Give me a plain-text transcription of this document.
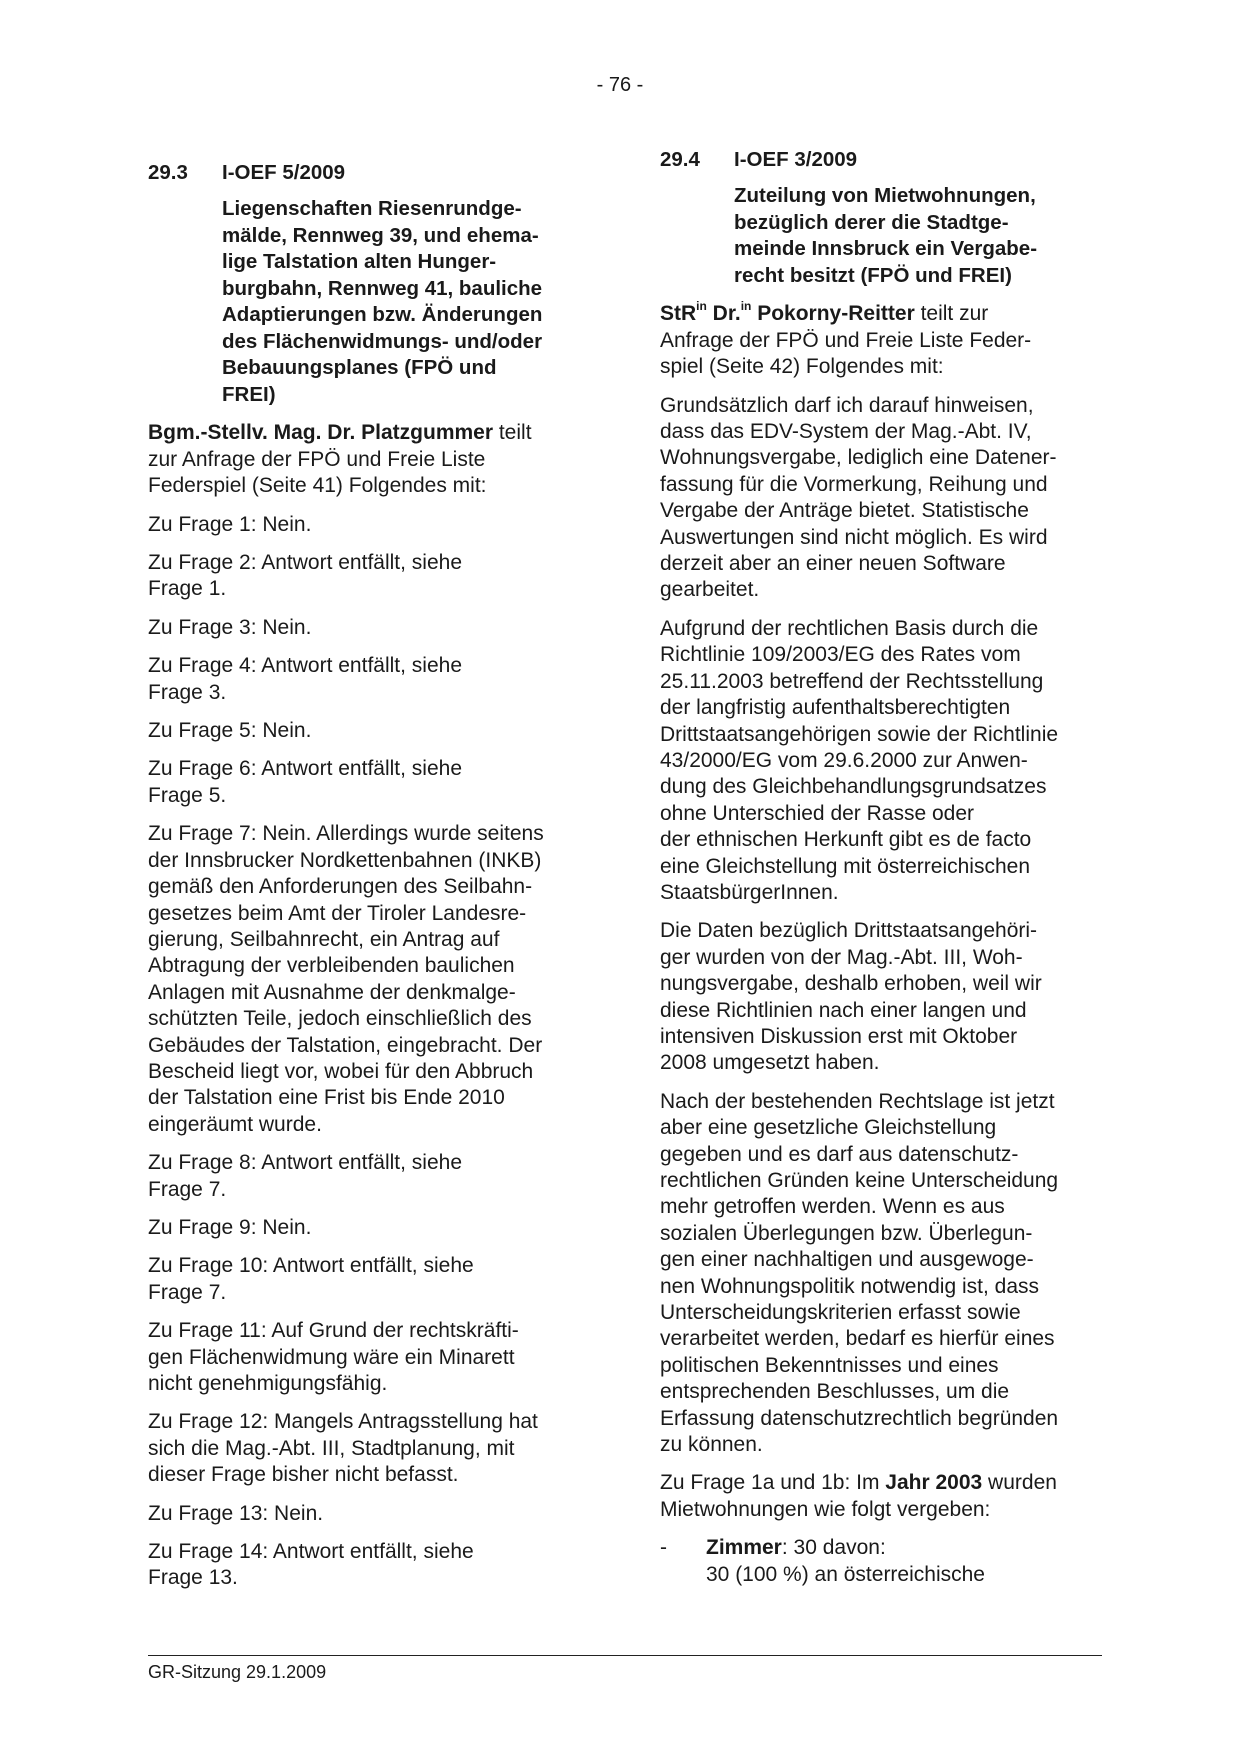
- 76 -
29.3	I-OEF 5/2009
Liegenschaften Riesenrundge-
mälde, Rennweg 39, und ehema-
lige Talstation alten Hunger-
burgbahn, Rennweg 41, bauliche
Adaptierungen bzw. Änderungen
des Flächenwidmungs- und/oder
Bebauungsplanes (FPÖ und
FREI)

Bgm.-Stellv. Mag. Dr. Platzgummer teilt
zur Anfrage der FPÖ und Freie Liste
Federspiel (Seite 41) Folgendes mit:

Zu Frage 1: Nein.

Zu Frage 2: Antwort entfällt, siehe
Frage 1.

Zu Frage 3: Nein.

Zu Frage 4: Antwort entfällt, siehe
Frage 3.

Zu Frage 5: Nein.

Zu Frage 6: Antwort entfällt, siehe
Frage 5.

Zu Frage 7: Nein. Allerdings wurde seitens
der Innsbrucker Nordkettenbahnen (INKB)
gemäß den Anforderungen des Seilbahn-
gesetzes beim Amt der Tiroler Landesre-
gierung, Seilbahnrecht, ein Antrag auf
Abtragung der verbleibenden baulichen
Anlagen mit Ausnahme der denkmalge-
schützten Teile, jedoch einschließlich des
Gebäudes der Talstation, eingebracht. Der
Bescheid liegt vor, wobei für den Abbruch
der Talstation eine Frist bis Ende 2010
eingeräumt wurde.

Zu Frage 8: Antwort entfällt, siehe
Frage 7.

Zu Frage 9: Nein.

Zu Frage 10: Antwort entfällt, siehe
Frage 7.

Zu Frage 11: Auf Grund der rechtskräfti-
gen Flächenwidmung wäre ein Minarett
nicht genehmigungsfähig.

Zu Frage 12: Mangels Antragsstellung hat
sich die Mag.-Abt. III, Stadtplanung, mit
dieser Frage bisher nicht befasst.

Zu Frage 13: Nein.

Zu Frage 14: Antwort entfällt, siehe
Frage 13.

29.4	I-OEF 3/2009
Zuteilung von Mietwohnungen,
bezüglich derer die Stadtge-
meinde Innsbruck ein Vergabe-
recht besitzt (FPÖ und FREI)

StR$^{in}$ Dr.$^{in}$ Pokorny-Reitter teilt zur
Anfrage der FPÖ und Freie Liste Feder-
spiel (Seite 42) Folgendes mit:

Grundsätzlich darf ich darauf hinweisen,
dass das EDV-System der Mag.-Abt. IV,
Wohnungsvergabe, lediglich eine Datener-
fassung für die Vormerkung, Reihung und
Vergabe der Anträge bietet. Statistische
Auswertungen sind nicht möglich. Es wird
derzeit aber an einer neuen Software
gearbeitet.

Aufgrund der rechtlichen Basis durch die
Richtlinie 109/2003/EG des Rates vom
25.11.2003 betreffend der Rechtsstellung
der langfristig aufenthaltsberechtigten
Drittstaatsangehörigen sowie der Richtlinie
43/2000/EG vom 29.6.2000 zur Anwen-
dung des Gleichbehandlungsgrundsatzes
ohne Unterschied der Rasse oder
der ethnischen Herkunft gibt es de facto
eine Gleichstellung mit österreichischen
StaatsbürgerInnen.

Die Daten bezüglich Drittstaatsangehöri-
ger wurden von der Mag.-Abt. III, Woh-
nungsvergabe, deshalb erhoben, weil wir
diese Richtlinien nach einer langen und
intensiven Diskussion erst mit Oktober
2008 umgesetzt haben.

Nach der bestehenden Rechtslage ist jetzt
aber eine gesetzliche Gleichstellung
gegeben und es darf aus datenschutz-
rechtlichen Gründen keine Unterscheidung
mehr getroffen werden. Wenn es aus
sozialen Überlegungen bzw. Überlegun-
gen einer nachhaltigen und ausgewoge-
nen Wohnungspolitik notwendig ist, dass
Unterscheidungskriterien erfasst sowie
verarbeitet werden, bedarf es hierfür eines
politischen Bekenntnisses und eines
entsprechenden Beschlusses, um die
Erfassung datenschutzrechtlich begründen
zu können.

Zu Frage 1a und 1b: Im Jahr 2003 wurden
Mietwohnungen wie folgt vergeben:

-	Zimmer: 30 davon:
30 (100 %) an österreichische
GR-Sitzung 29.1.2009
